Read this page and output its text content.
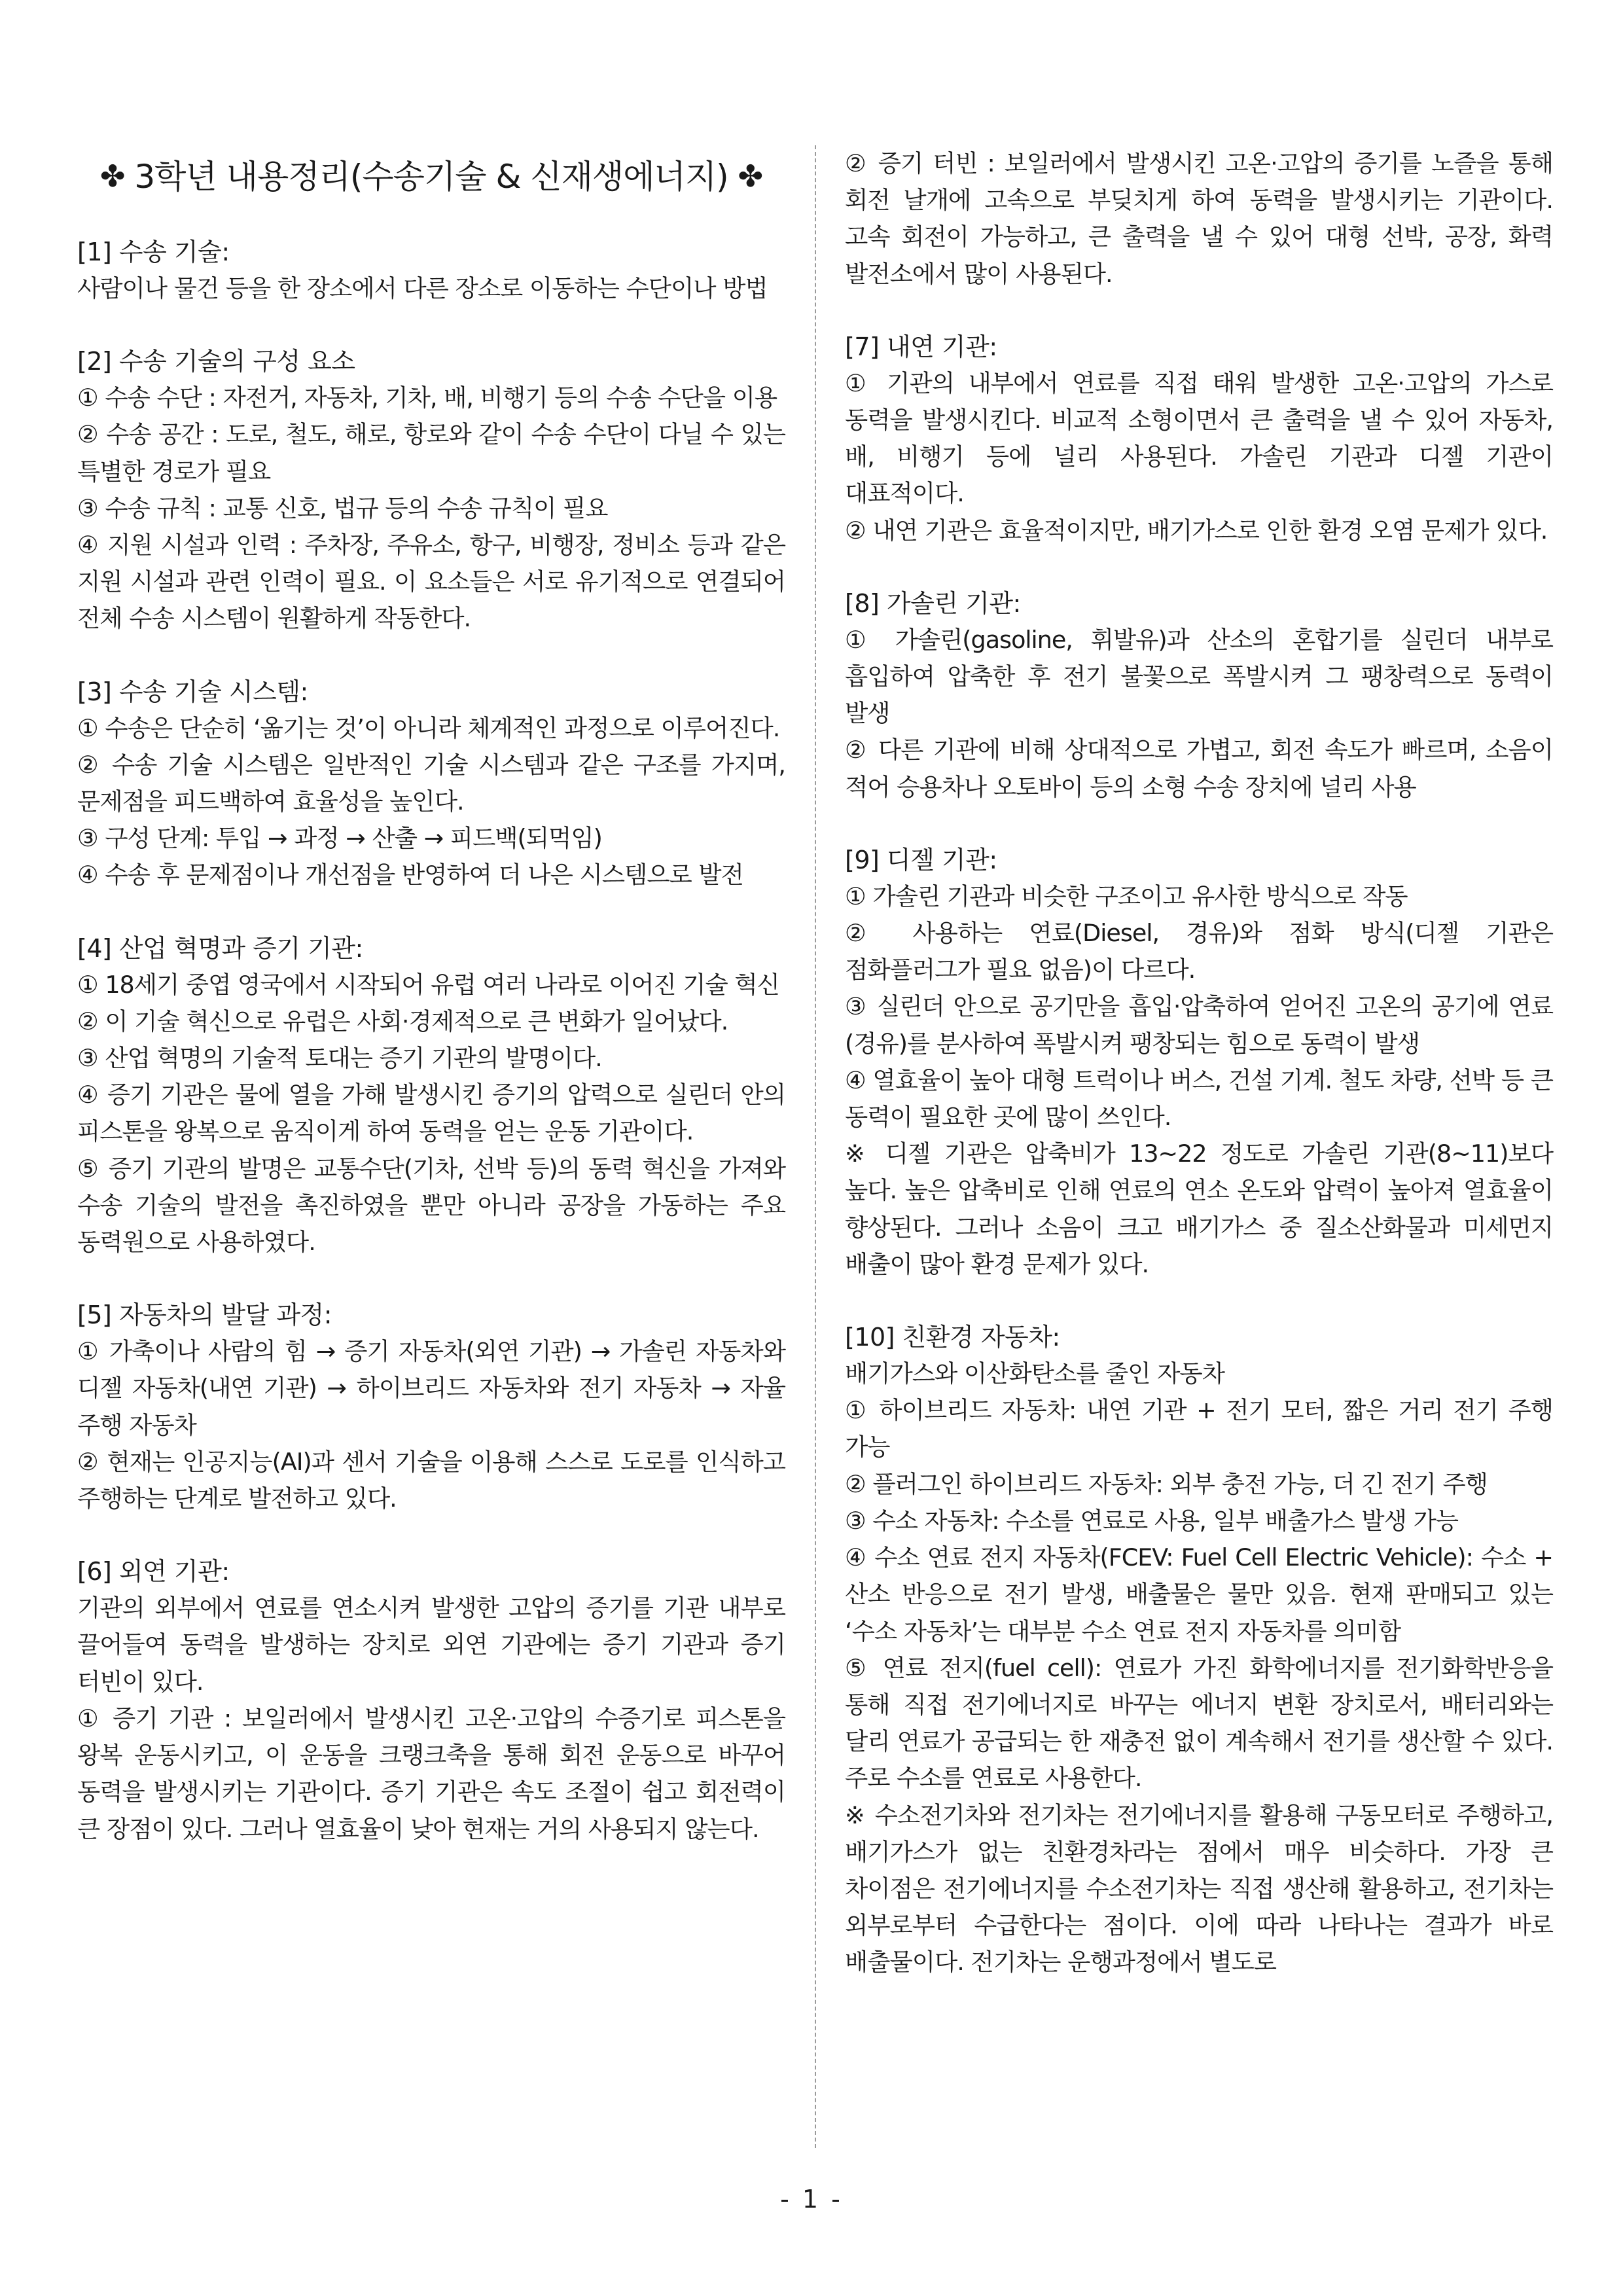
✤ 3학년 내용정리(수송기술 & 신재생에너지) ✤
[1] 수송 기술:

사람이나 물건 등을 한 장소에서 다른 장소로 이동하는 수단이나 방법

[2] 수송 기술의 구성 요소

① 수송 수단 : 자전거, 자동차, 기차, 배, 비행기 등의 수송 수단을 이용

② 수송 공간 : 도로, 철도, 해로, 항로와 같이 수송 수단이 다닐 수 있는 특별한 경로가 필요

③ 수송 규칙 : 교통 신호, 법규 등의 수송 규칙이 필요

④ 지원 시설과 인력 : 주차장, 주유소, 항구, 비행장, 정비소 등과 같은 지원 시설과 관련 인력이 필요. 이 요소들은 서로 유기적으로 연결되어 전체 수송 시스템이 원활하게 작동한다.

[3] 수송 기술 시스템:

① 수송은 단순히 ‘옮기는 것’이 아니라 체계적인 과정으로 이루어진다.

② 수송 기술 시스템은 일반적인 기술 시스템과 같은 구조를 가지며, 문제점을 피드백하여 효율성을 높인다.

③ 구성 단계: 투입 → 과정 → 산출 → 피드백(되먹임)

④ 수송 후 문제점이나 개선점을 반영하여 더 나은 시스템으로 발전

[4] 산업 혁명과 증기 기관:

① 18세기 중엽 영국에서 시작되어 유럽 여러 나라로 이어진 기술 혁신

② 이 기술 혁신으로 유럽은 사회·경제적으로 큰 변화가 일어났다.

③ 산업 혁명의 기술적 토대는 증기 기관의 발명이다.

④ 증기 기관은 물에 열을 가해 발생시킨 증기의 압력으로 실린더 안의 피스톤을 왕복으로 움직이게 하여 동력을 얻는 운동 기관이다.

⑤ 증기 기관의 발명은 교통수단(기차, 선박 등)의 동력 혁신을 가져와 수송 기술의 발전을 촉진하였을 뿐만 아니라 공장을 가동하는 주요 동력원으로 사용하였다.

[5] 자동차의 발달 과정:

① 가축이나 사람의 힘 → 증기 자동차(외연 기관) → 가솔린 자동차와 디젤 자동차(내연 기관) → 하이브리드 자동차와 전기 자동차 → 자율 주행 자동차

② 현재는 인공지능(AI)과 센서 기술을 이용해 스스로 도로를 인식하고 주행하는 단계로 발전하고 있다.

[6] 외연 기관:

기관의 외부에서 연료를 연소시켜 발생한 고압의 증기를 기관 내부로 끌어들여 동력을 발생하는 장치로 외연 기관에는 증기 기관과 증기 터빈이 있다.

① 증기 기관 : 보일러에서 발생시킨 고온·고압의 수증기로 피스톤을 왕복 운동시키고, 이 운동을 크랭크축을 통해 회전 운동으로 바꾸어 동력을 발생시키는 기관이다. 증기 기관은 속도 조절이 쉽고 회전력이 큰 장점이 있다. 그러나 열효율이 낮아 현재는 거의 사용되지 않는다.

② 증기 터빈 : 보일러에서 발생시킨 고온·고압의 증기를 노즐을 통해 회전 날개에 고속으로 부딪치게 하여 동력을 발생시키는 기관이다. 고속 회전이 가능하고, 큰 출력을 낼 수 있어 대형 선박, 공장, 화력 발전소에서 많이 사용된다.

[7] 내연 기관:

① 기관의 내부에서 연료를 직접 태워 발생한 고온·고압의 가스로 동력을 발생시킨다. 비교적 소형이면서 큰 출력을 낼 수 있어 자동차, 배, 비행기 등에 널리 사용된다. 가솔린 기관과 디젤 기관이 대표적이다.

② 내연 기관은 효율적이지만, 배기가스로 인한 환경 오염 문제가 있다.

[8] 가솔린 기관:

① 가솔린(gasoline, 휘발유)과 산소의 혼합기를 실린더 내부로 흡입하여 압축한 후 전기 불꽃으로 폭발시켜 그 팽창력으로 동력이 발생

② 다른 기관에 비해 상대적으로 가볍고, 회전 속도가 빠르며, 소음이 적어 승용차나 오토바이 등의 소형 수송 장치에 널리 사용

[9] 디젤 기관:

① 가솔린 기관과 비슷한 구조이고 유사한 방식으로 작동

② 사용하는 연료(Diesel, 경유)와 점화 방식(디젤 기관은 점화플러그가 필요 없음)이 다르다.

③ 실린더 안으로 공기만을 흡입·압축하여 얻어진 고온의 공기에 연료(경유)를 분사하여 폭발시켜 팽창되는 힘으로 동력이 발생

④ 열효율이 높아 대형 트럭이나 버스, 건설 기계. 철도 차량, 선박 등 큰 동력이 필요한 곳에 많이 쓰인다.

※ 디젤 기관은 압축비가 13~22 정도로 가솔린 기관(8~11)보다 높다. 높은 압축비로 인해 연료의 연소 온도와 압력이 높아져 열효율이 향상된다. 그러나 소음이 크고 배기가스 중 질소산화물과 미세먼지 배출이 많아 환경 문제가 있다.

[10] 친환경 자동차:

배기가스와 이산화탄소를 줄인 자동차

① 하이브리드 자동차: 내연 기관 + 전기 모터, 짧은 거리 전기 주행 가능

② 플러그인 하이브리드 자동차: 외부 충전 가능, 더 긴 전기 주행

③ 수소 자동차: 수소를 연료로 사용, 일부 배출가스 발생 가능

④ 수소 연료 전지 자동차(FCEV: Fuel Cell Electric Vehicle): 수소 + 산소 반응으로 전기 발생, 배출물은 물만 있음. 현재 판매되고 있는 ‘수소 자동차’는 대부분 수소 연료 전지 자동차를 의미함

⑤ 연료 전지(fuel cell): 연료가 가진 화학에너지를 전기화학반응을 통해 직접 전기에너지로 바꾸는 에너지 변환 장치로서, 배터리와는 달리 연료가 공급되는 한 재충전 없이 계속해서 전기를 생산할 수 있다. 주로 수소를 연료로 사용한다.

※ 수소전기차와 전기차는 전기에너지를 활용해 구동모터로 주행하고, 배기가스가 없는 친환경차라는 점에서 매우 비슷하다. 가장 큰 차이점은 전기에너지를 수소전기차는 직접 생산해 활용하고, 전기차는 외부로부터 수급한다는 점이다. 이에 따라 나타나는 결과가 바로 배출물이다. 전기차는 운행과정에서 별도로

- 1 -
